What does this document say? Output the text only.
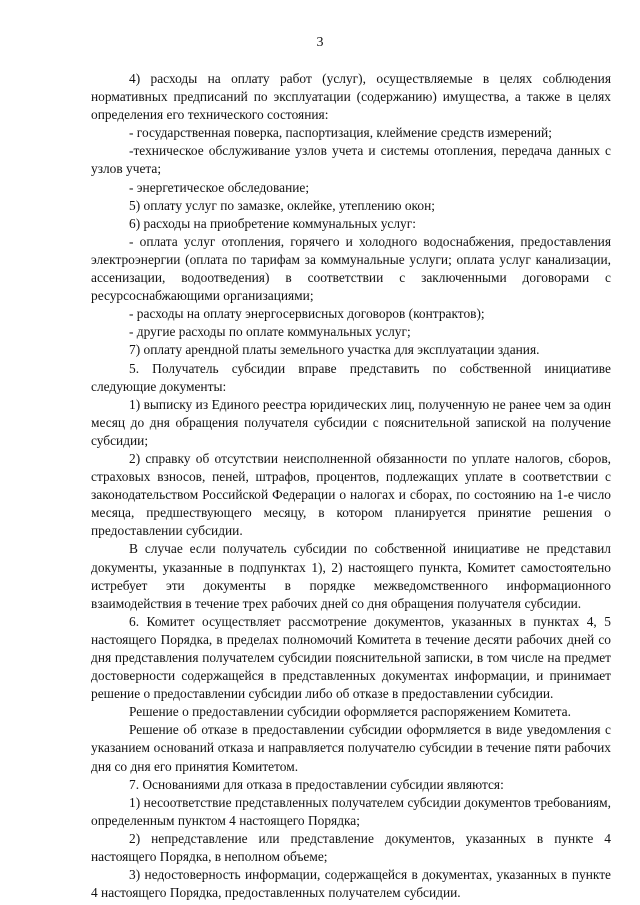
3

4) расходы на оплату работ (услуг), осуществляемые в целях соблюдения нормативных предписаний по эксплуатации (содержанию) имущества, а также в целях определения его технического состояния:

- государственная поверка, паспортизация, клеймение средств измерений;

-техническое обслуживание узлов учета и системы отопления, передача данных с узлов учета;

- энергетическое обследование;

5) оплату услуг по замазке, оклейке, утеплению окон;

6) расходы на приобретение коммунальных услуг:

- оплата услуг отопления, горячего и холодного водоснабжения, предоставления электроэнергии (оплата по тарифам за коммунальные услуги; оплата услуг канализации, ассенизации, водоотведения) в соответствии с заключенными договорами с ресурсоснабжающими организациями;

- расходы на оплату энергосервисных договоров (контрактов);

- другие расходы по оплате коммунальных услуг;

7) оплату арендной платы земельного участка для эксплуатации здания.

5. Получатель субсидии вправе представить по собственной инициативе следующие документы:

1) выписку из Единого реестра юридических лиц, полученную не ранее чем за один месяц до дня обращения получателя субсидии с пояснительной запиской на получение субсидии;

2) справку об отсутствии неисполненной обязанности по уплате налогов, сборов, страховых взносов, пеней, штрафов, процентов, подлежащих уплате в соответствии с законодательством Российской Федерации о налогах и сборах, по состоянию на 1-е число месяца, предшествующего месяцу, в котором планируется принятие решения о предоставлении субсидии.

В случае если получатель субсидии по собственной инициативе не представил документы, указанные в подпунктах 1), 2) настоящего пункта, Комитет самостоятельно истребует эти документы в порядке межведомственного информационного взаимодействия в течение трех рабочих дней со дня обращения получателя субсидии.

6. Комитет осуществляет рассмотрение документов, указанных в пунктах 4, 5 настоящего Порядка, в пределах полномочий Комитета в течение десяти рабочих дней со дня представления получателем субсидии пояснительной записки, в том числе на предмет достоверности содержащейся в представленных документах информации, и принимает решение о предоставлении субсидии либо об отказе в предоставлении субсидии.

Решение о предоставлении субсидии оформляется распоряжением Комитета.

Решение об отказе в предоставлении субсидии оформляется в виде уведомления с указанием оснований отказа и направляется получателю субсидии в течение пяти рабочих дня со дня его принятия Комитетом.

7. Основаниями для отказа в предоставлении субсидии являются:

1) несоответствие представленных получателем субсидии документов требованиям, определенным пунктом 4 настоящего Порядка;

2) непредставление или представление документов, указанных в пункте 4 настоящего Порядка, в неполном объеме;

3) недостоверность информации, содержащейся в документах, указанных в пункте 4 настоящего Порядка, предоставленных получателем субсидии.
